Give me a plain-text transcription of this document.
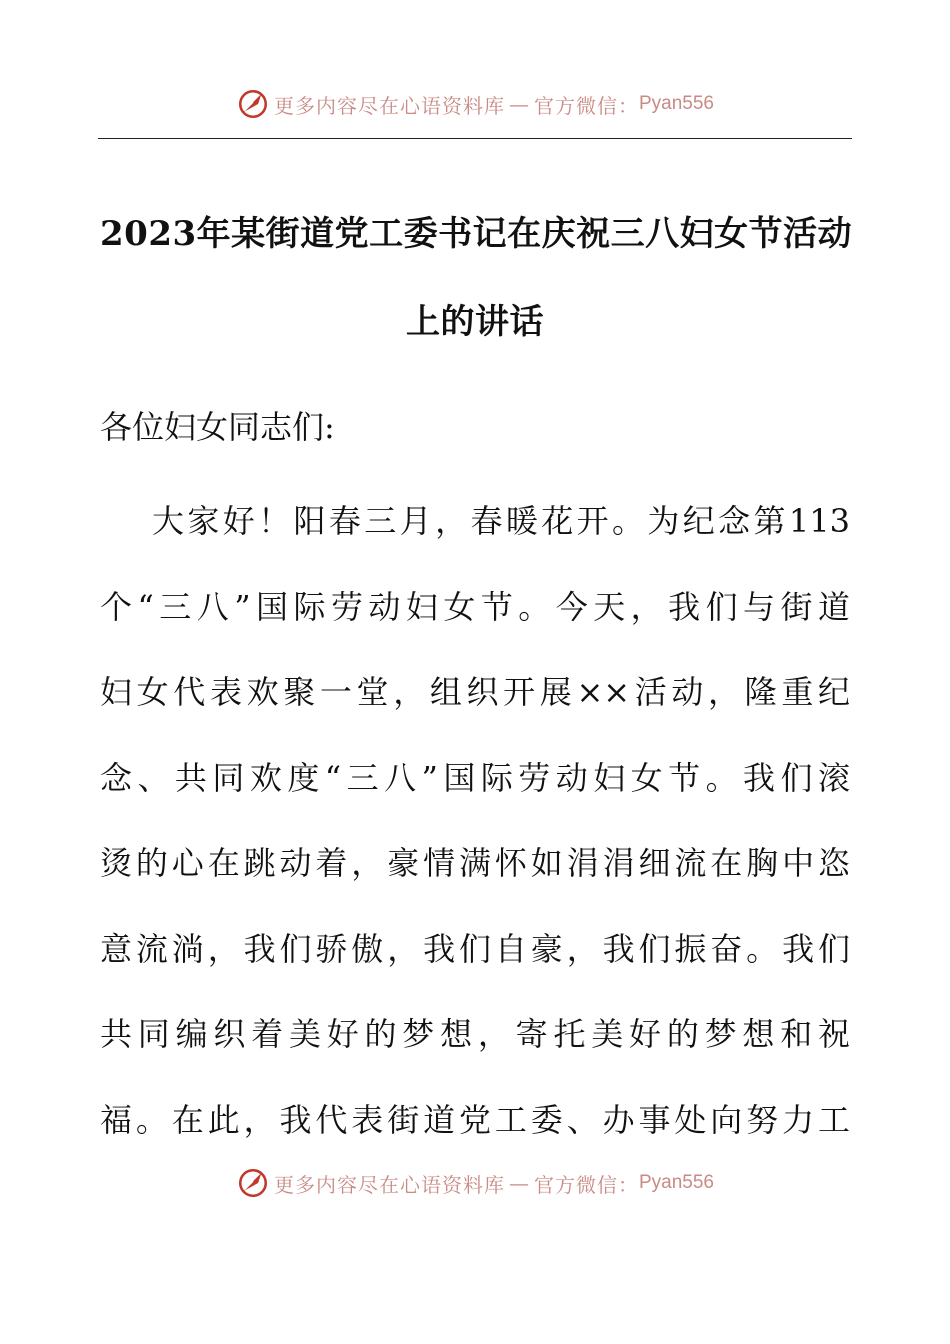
更多内容尽在心语资料库 — 官方微信： Pyan556
2023年某街道党工委书记在庆祝三八妇女节活动
上的讲话
各位妇女同志们:
大家好！阳春三月，春暖花开。为纪念第113
个“三八”国际劳动妇女节。今天，我们与街道
妇女代表欢聚一堂，组织开展××活动，隆重纪
念、共同欢度“三八”国际劳动妇女节。我们滚
烫的心在跳动着，豪情满怀如涓涓细流在胸中恣
意流淌，我们骄傲，我们自豪，我们振奋。我们
共同编织着美好的梦想，寄托美好的梦想和祝
福。在此，我代表街道党工委、办事处向努力工
更多内容尽在心语资料库 — 官方微信： Pyan556
